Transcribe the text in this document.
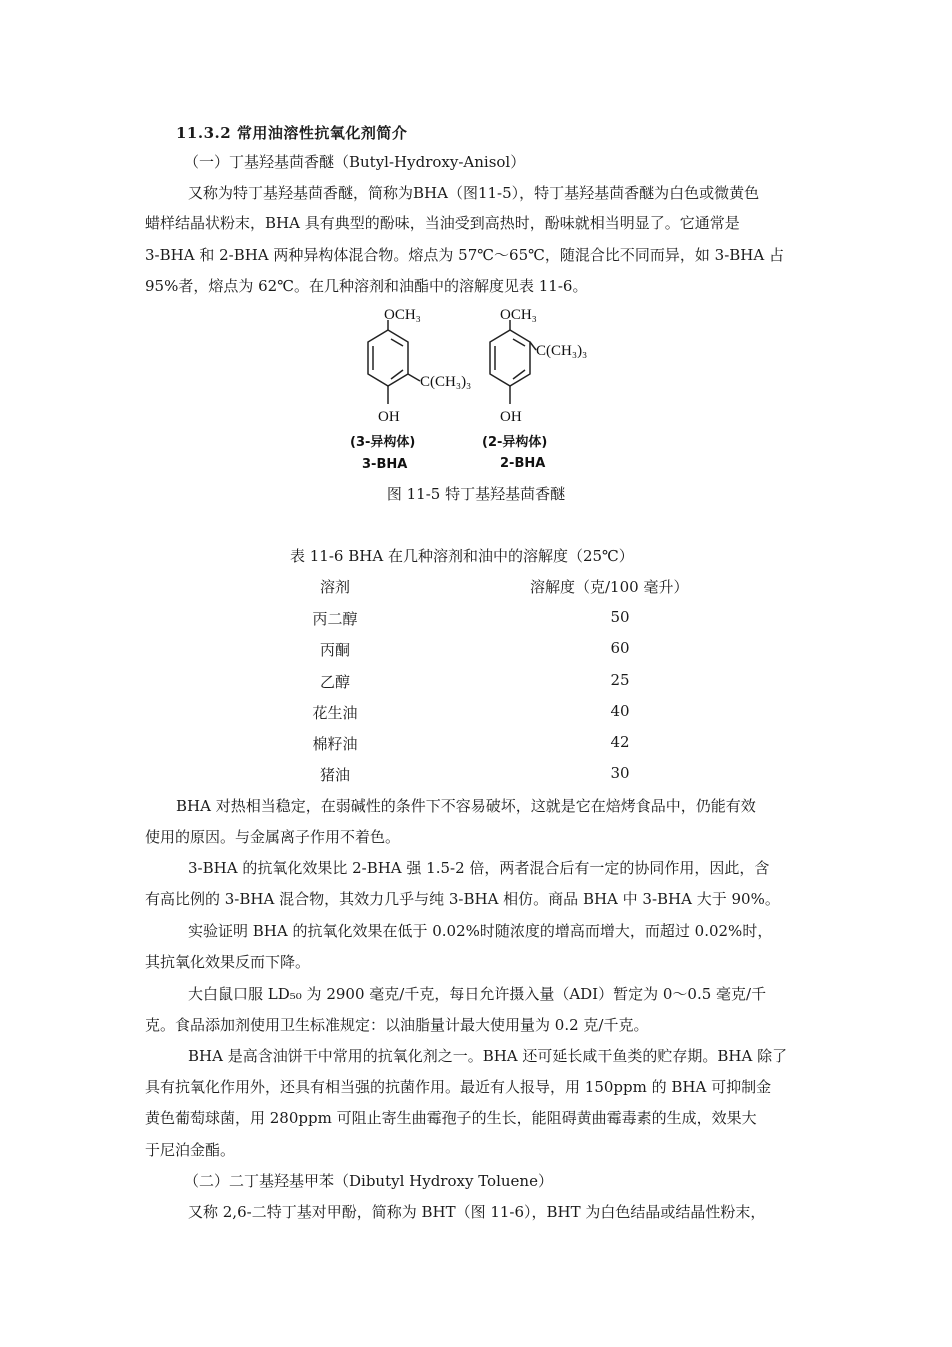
11.3.2 常用油溶性抗氧化剂简介
（一）丁基羟基茴香醚（Butyl-Hydroxy-Anisol）
又称为特丁基羟基茴香醚，简称为BHA（图11-5），特丁基羟基茴香醚为白色或微黄色
蜡样结晶状粉末，BHA 具有典型的酚味，当油受到高热时，酚味就相当明显了。它通常是
3-BHA 和 2-BHA 两种异构体混合物。熔点为 57℃～65℃，随混合比不同而异，如 3-BHA 占
95%者，熔点为 62℃。在几种溶剂和油酯中的溶解度见表 11-6。
OCH₃
C(CH₃)₃
OH
OCH₃
C(CH₃)₃
OH
(3-异构体)
3-BHA
(2-异构体)
2-BHA
图 11-5 特丁基羟基茴香醚
表 11-6 BHA 在几种溶剂和油中的溶解度（25℃）
溶剂	溶解度（克/100 毫升）
丙二醇	50
丙酮	60
乙醇	25
花生油	40
棉籽油	42
猪油	30
BHA 对热相当稳定，在弱碱性的条件下不容易破坏，这就是它在焙烤食品中，仍能有效
使用的原因。与金属离子作用不着色。
3-BHA 的抗氧化效果比 2-BHA 强 1.5-2 倍，两者混合后有一定的协同作用，因此，含
有高比例的 3-BHA 混合物，其效力几乎与纯 3-BHA 相仿。商品 BHA 中 3-BHA 大于 90%。
实验证明 BHA 的抗氧化效果在低于 0.02%时随浓度的增高而增大，而超过 0.02%时，
其抗氧化效果反而下降。
大白鼠口服 LD₅₀ 为 2900 毫克/千克，每日允许摄入量（ADI）暂定为 0～0.5 毫克/千
克。食品添加剂使用卫生标准规定：以油脂量计最大使用量为 0.2 克/千克。
BHA 是高含油饼干中常用的抗氧化剂之一。BHA 还可延长咸干鱼类的贮存期。BHA 除了
具有抗氧化作用外，还具有相当强的抗菌作用。最近有人报导，用 150ppm 的 BHA 可抑制金
黄色葡萄球菌，用 280ppm 可阻止寄生曲霉孢子的生长，能阻碍黄曲霉毒素的生成，效果大
于尼泊金酯。
（二）二丁基羟基甲苯（Dibutyl Hydroxy Toluene）
又称 2,6-二特丁基对甲酚，简称为 BHT（图 11-6），BHT 为白色结晶或结晶性粉末，
